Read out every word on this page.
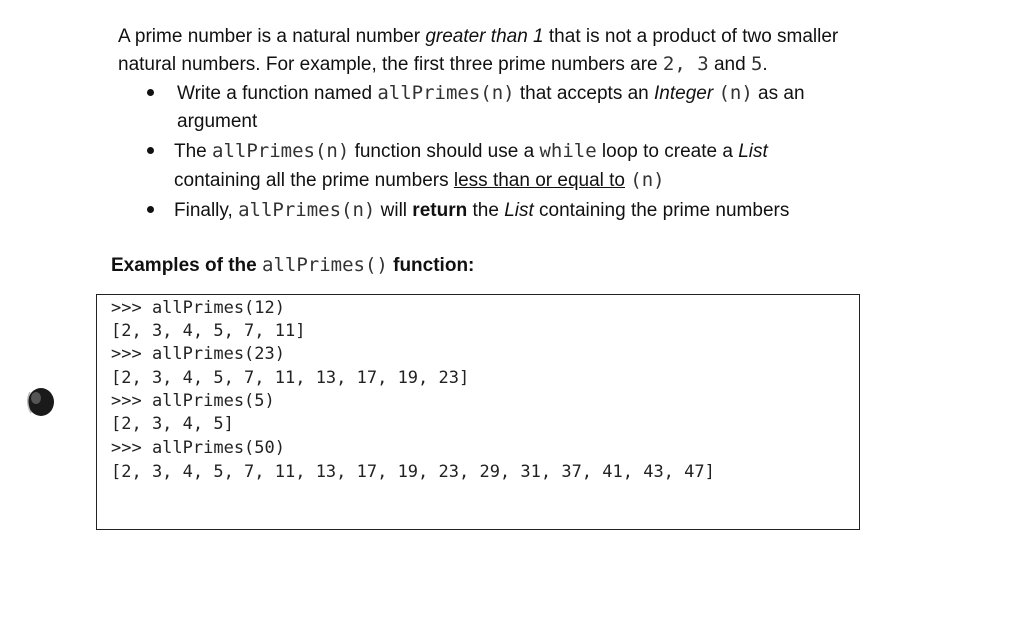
A prime number is a natural number greater than 1 that is not a product of two smaller
natural numbers. For example, the first three prime numbers are 2, 3 and 5.
Write a function named allPrimes(n) that accepts an Integer (n) as an
argument
The allPrimes(n) function should use a while loop to create a List
containing all the prime numbers less than or equal to (n)
Finally, allPrimes(n) will return the List containing the prime numbers
Examples of the allPrimes() function:
>>> allPrimes(12)
[2, 3, 4, 5, 7, 11]
>>> allPrimes(23)
[2, 3, 4, 5, 7, 11, 13, 17, 19, 23]
>>> allPrimes(5)
[2, 3, 4, 5]
>>> allPrimes(50)
[2, 3, 4, 5, 7, 11, 13, 17, 19, 23, 29, 31, 37, 41, 43, 47]
